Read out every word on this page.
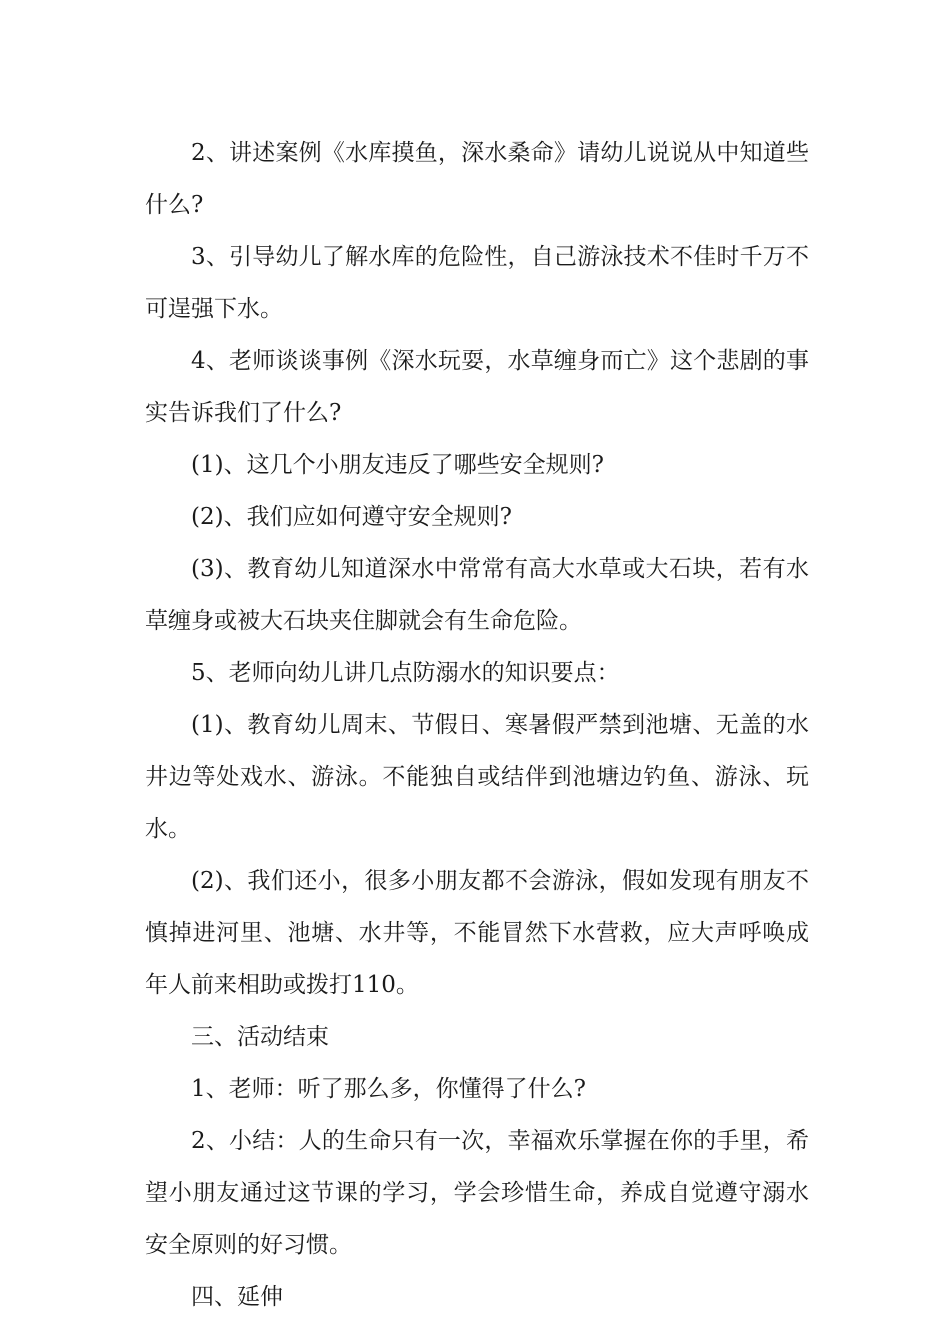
2、讲述案例《水库摸鱼，深水桑命》请幼儿说说从中知道些什么?

3、引导幼儿了解水库的危险性，自己游泳技术不佳时千万不可逞强下水。

4、老师谈谈事例《深水玩耍，水草缠身而亡》这个悲剧的事实告诉我们了什么?

(1)、这几个小朋友违反了哪些安全规则?

(2)、我们应如何遵守安全规则?

(3)、教育幼儿知道深水中常常有高大水草或大石块，若有水草缠身或被大石块夹住脚就会有生命危险。

5、老师向幼儿讲几点防溺水的知识要点：

(1)、教育幼儿周末、节假日、寒暑假严禁到池塘、无盖的水井边等处戏水、游泳。不能独自或结伴到池塘边钓鱼、游泳、玩水。

(2)、我们还小，很多小朋友都不会游泳，假如发现有朋友不慎掉进河里、池塘、水井等，不能冒然下水营救，应大声呼唤成年人前来相助或拨打110。

三、活动结束

1、老师：听了那么多，你懂得了什么?

2、小结：人的生命只有一次，幸福欢乐掌握在你的手里，希望小朋友通过这节课的学习，学会珍惜生命，养成自觉遵守溺水安全原则的好习惯。

四、延伸
